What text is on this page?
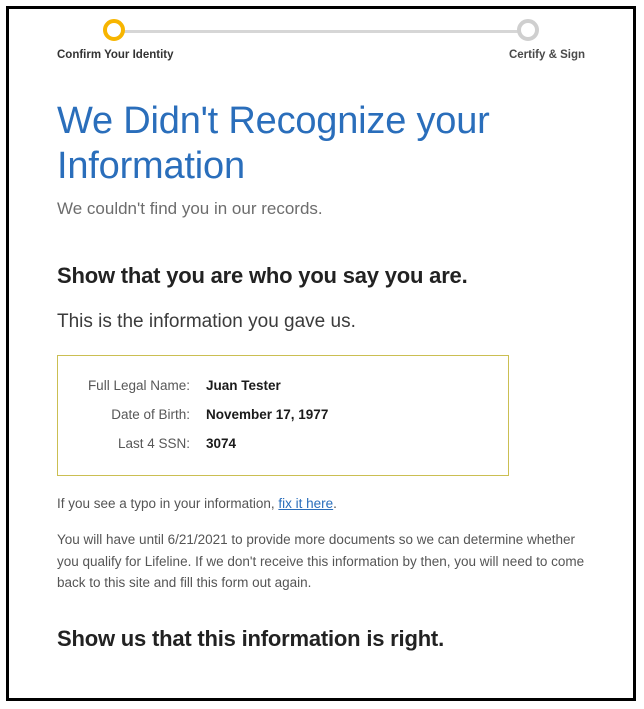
Confirm Your Identity	Certify & Sign
We Didn't Recognize your Information

We couldn't find you in our records.

Show that you are who you say you are.

This is the information you gave us.

Full Legal Name:	Juan Tester
Date of Birth:	November 17, 1977
Last 4 SSN:	3074

If you see a typo in your information, fix it here.

You will have until 6/21/2021 to provide more documents so we can determine whether you qualify for Lifeline. If we don't receive this information by then, you will need to come back to this site and fill this form out again.

Show us that this information is right.
